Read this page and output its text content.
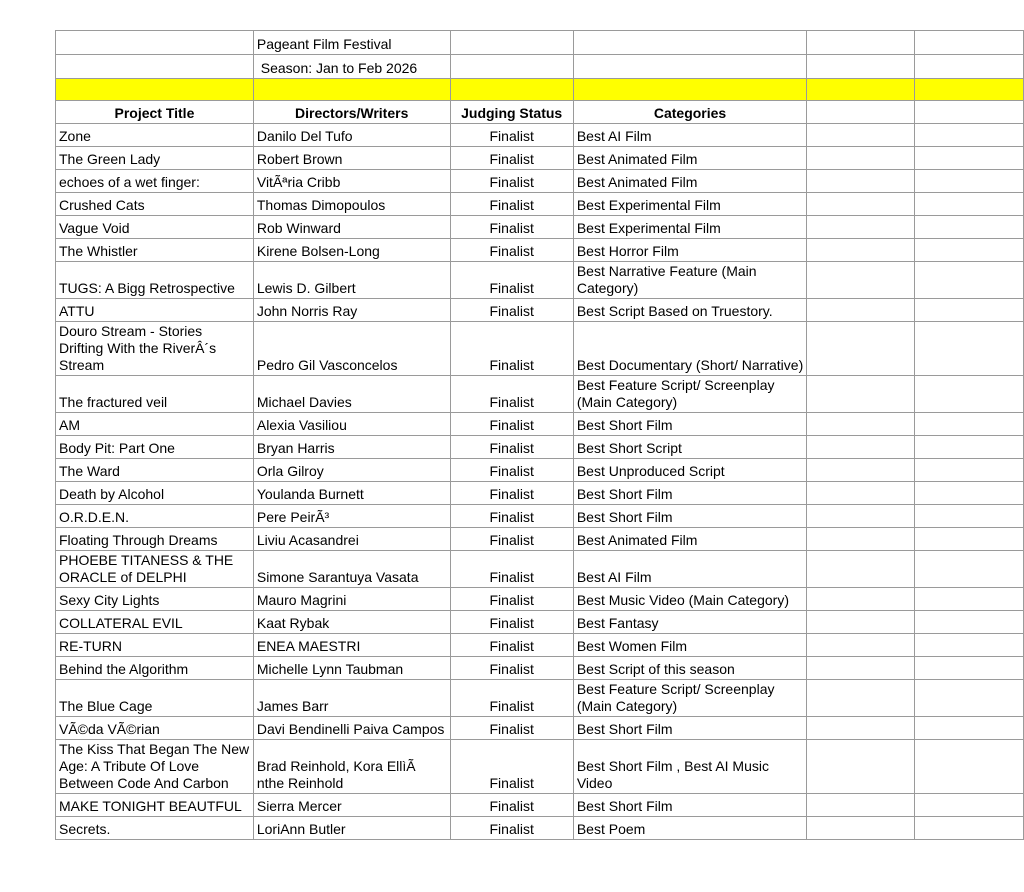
	Pageant Film Festival				
	Season: Jan to Feb 2026				

Project Title	Directors/Writers	Judging Status	Categories		
Zone	Danilo Del Tufo	Finalist	Best AI Film		
The Green Lady	Robert Brown	Finalist	Best Animated Film		
echoes of a wet finger:	VitÃªria Cribb	Finalist	Best Animated Film		
Crushed Cats	Thomas Dimopoulos	Finalist	Best Experimental Film		
Vague Void	Rob Winward	Finalist	Best Experimental Film		
The Whistler	Kirene Bolsen-Long	Finalist	Best Horror Film		
TUGS: A Bigg Retrospective	Lewis D. Gilbert	Finalist	Best Narrative Feature (Main Category)		
ATTU	John Norris Ray	Finalist	Best Script Based on Truestory.		
Douro Stream - Stories Drifting With the RiverÂ´s Stream	Pedro Gil Vasconcelos	Finalist	Best Documentary (Short/ Narrative)		
The fractured veil	Michael Davies	Finalist	Best Feature Script/ Screenplay (Main Category)		
AM	Alexia Vasiliou	Finalist	Best Short Film		
Body Pit: Part One	Bryan Harris	Finalist	Best Short Script		
The Ward	Orla Gilroy	Finalist	Best Unproduced Script		
Death by Alcohol	Youlanda Burnett	Finalist	Best Short Film		
O.R.D.E.N.	Pere PeirÃ³	Finalist	Best Short Film		
Floating Through Dreams	Liviu Acasandrei	Finalist	Best Animated Film		
PHOEBE TITANESS & THE ORACLE of DELPHI	Simone Sarantuya Vasata	Finalist	Best AI Film		
Sexy City Lights	Mauro Magrini	Finalist	Best Music Video (Main Category)		
COLLATERAL EVIL	Kaat Rybak	Finalist	Best Fantasy		
RE-TURN	ENEA MAESTRI	Finalist	Best Women Film		
Behind the Algorithm	Michelle Lynn Taubman	Finalist	Best Script of this season		
The Blue Cage	James Barr	Finalist	Best Feature Script/ Screenplay (Main Category)		
VÃ©da VÃ©rian	Davi Bendinelli Paiva Campos	Finalist	Best Short Film		
The Kiss That Began The New Age: A Tribute Of Love Between Code And Carbon	Brad Reinhold, Kora EllìÃ nthe Reinhold	Finalist	Best Short Film , Best AI Music Video		
MAKE TONIGHT BEAUTFUL	Sierra Mercer	Finalist	Best Short Film		
Secrets.	LoriAnn Butler	Finalist	Best Poem		
